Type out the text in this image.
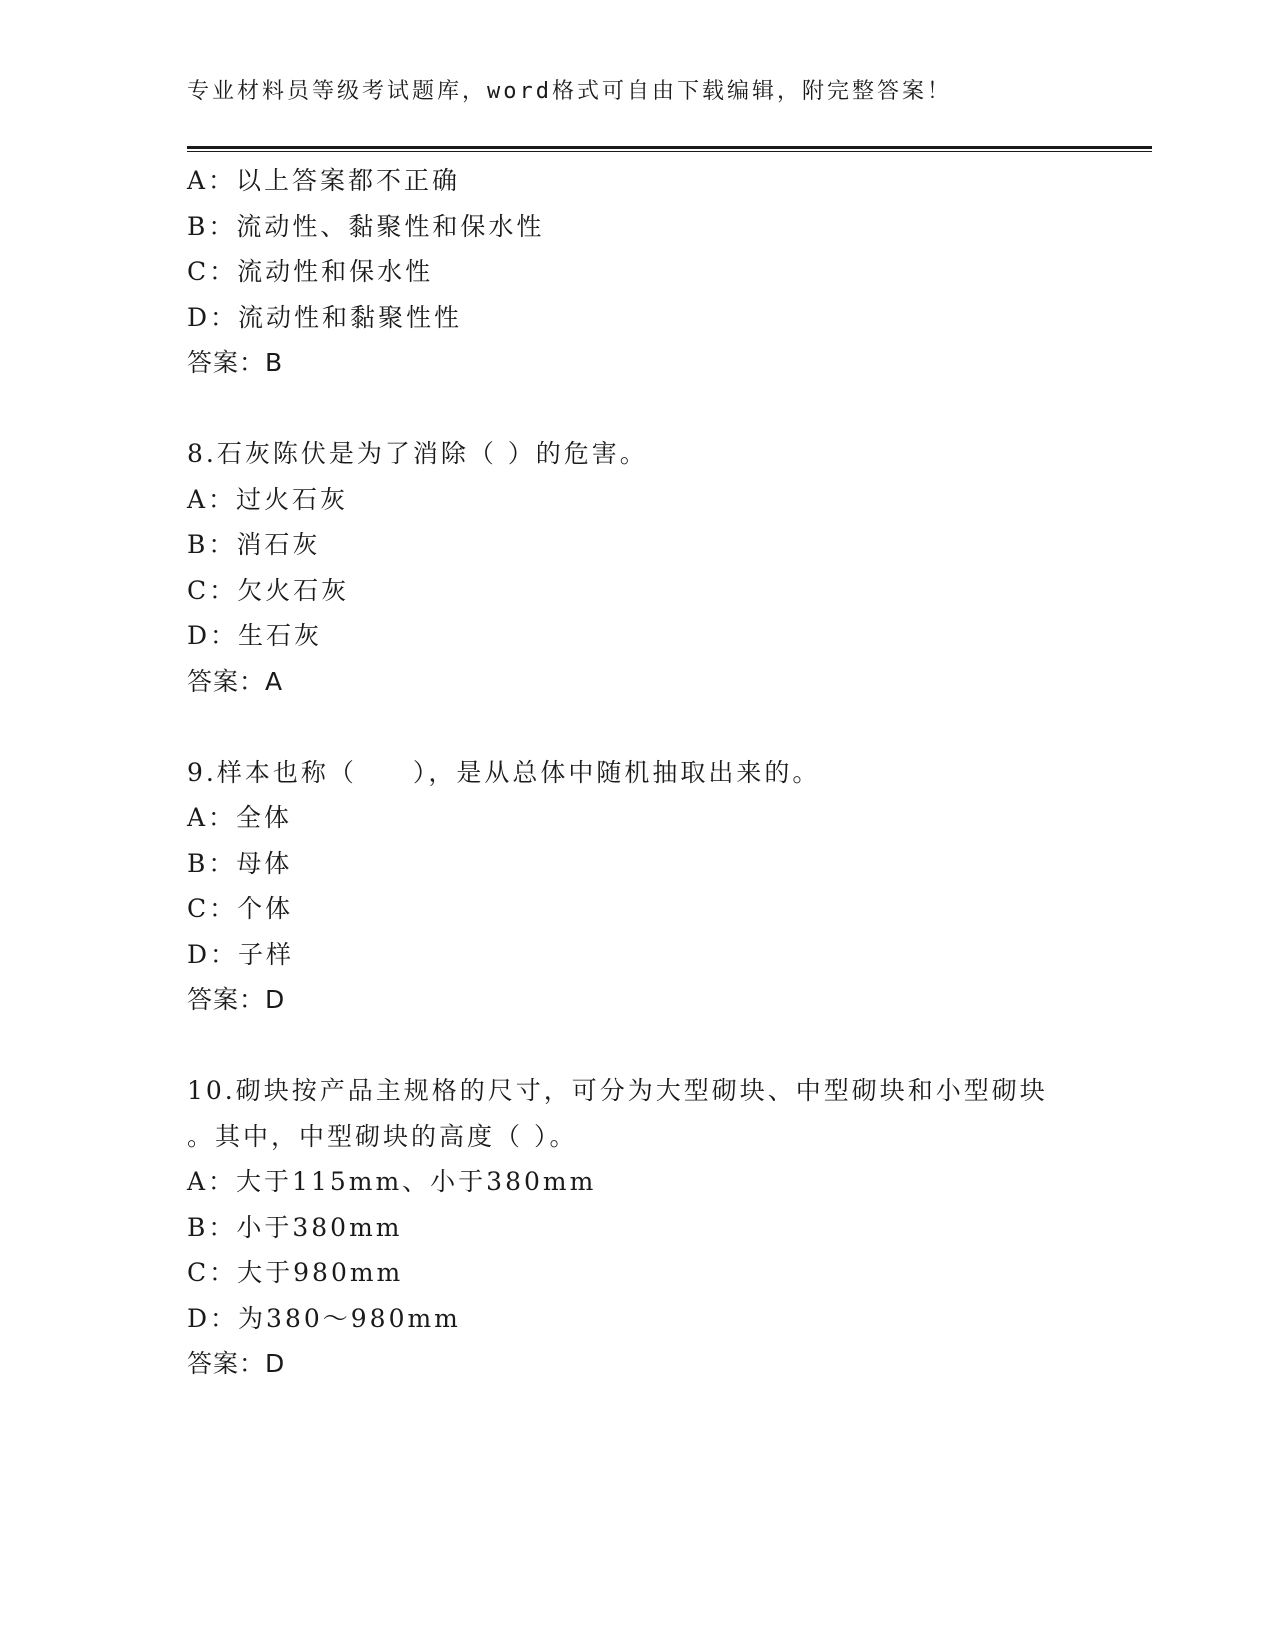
专业材料员等级考试题库，word格式可自由下载编辑，附完整答案！
A：以上答案都不正确
B：流动性、黏聚性和保水性
C：流动性和保水性
D：流动性和黏聚性性
答案：B
8.石灰陈伏是为了消除（ ）的危害。
A：过火石灰
B：消石灰
C：欠火石灰
D：生石灰
答案：A
9.样本也称（　　），是从总体中随机抽取出来的。
A：全体
B：母体
C：个体
D：子样
答案：D
10.砌块按产品主规格的尺寸，可分为大型砌块、中型砌块和小型砌块
。其中，中型砌块的高度（ ）。
A：大于115mm、小于380mm
B：小于380mm
C：大于980mm
D：为380～980mm
答案：D
